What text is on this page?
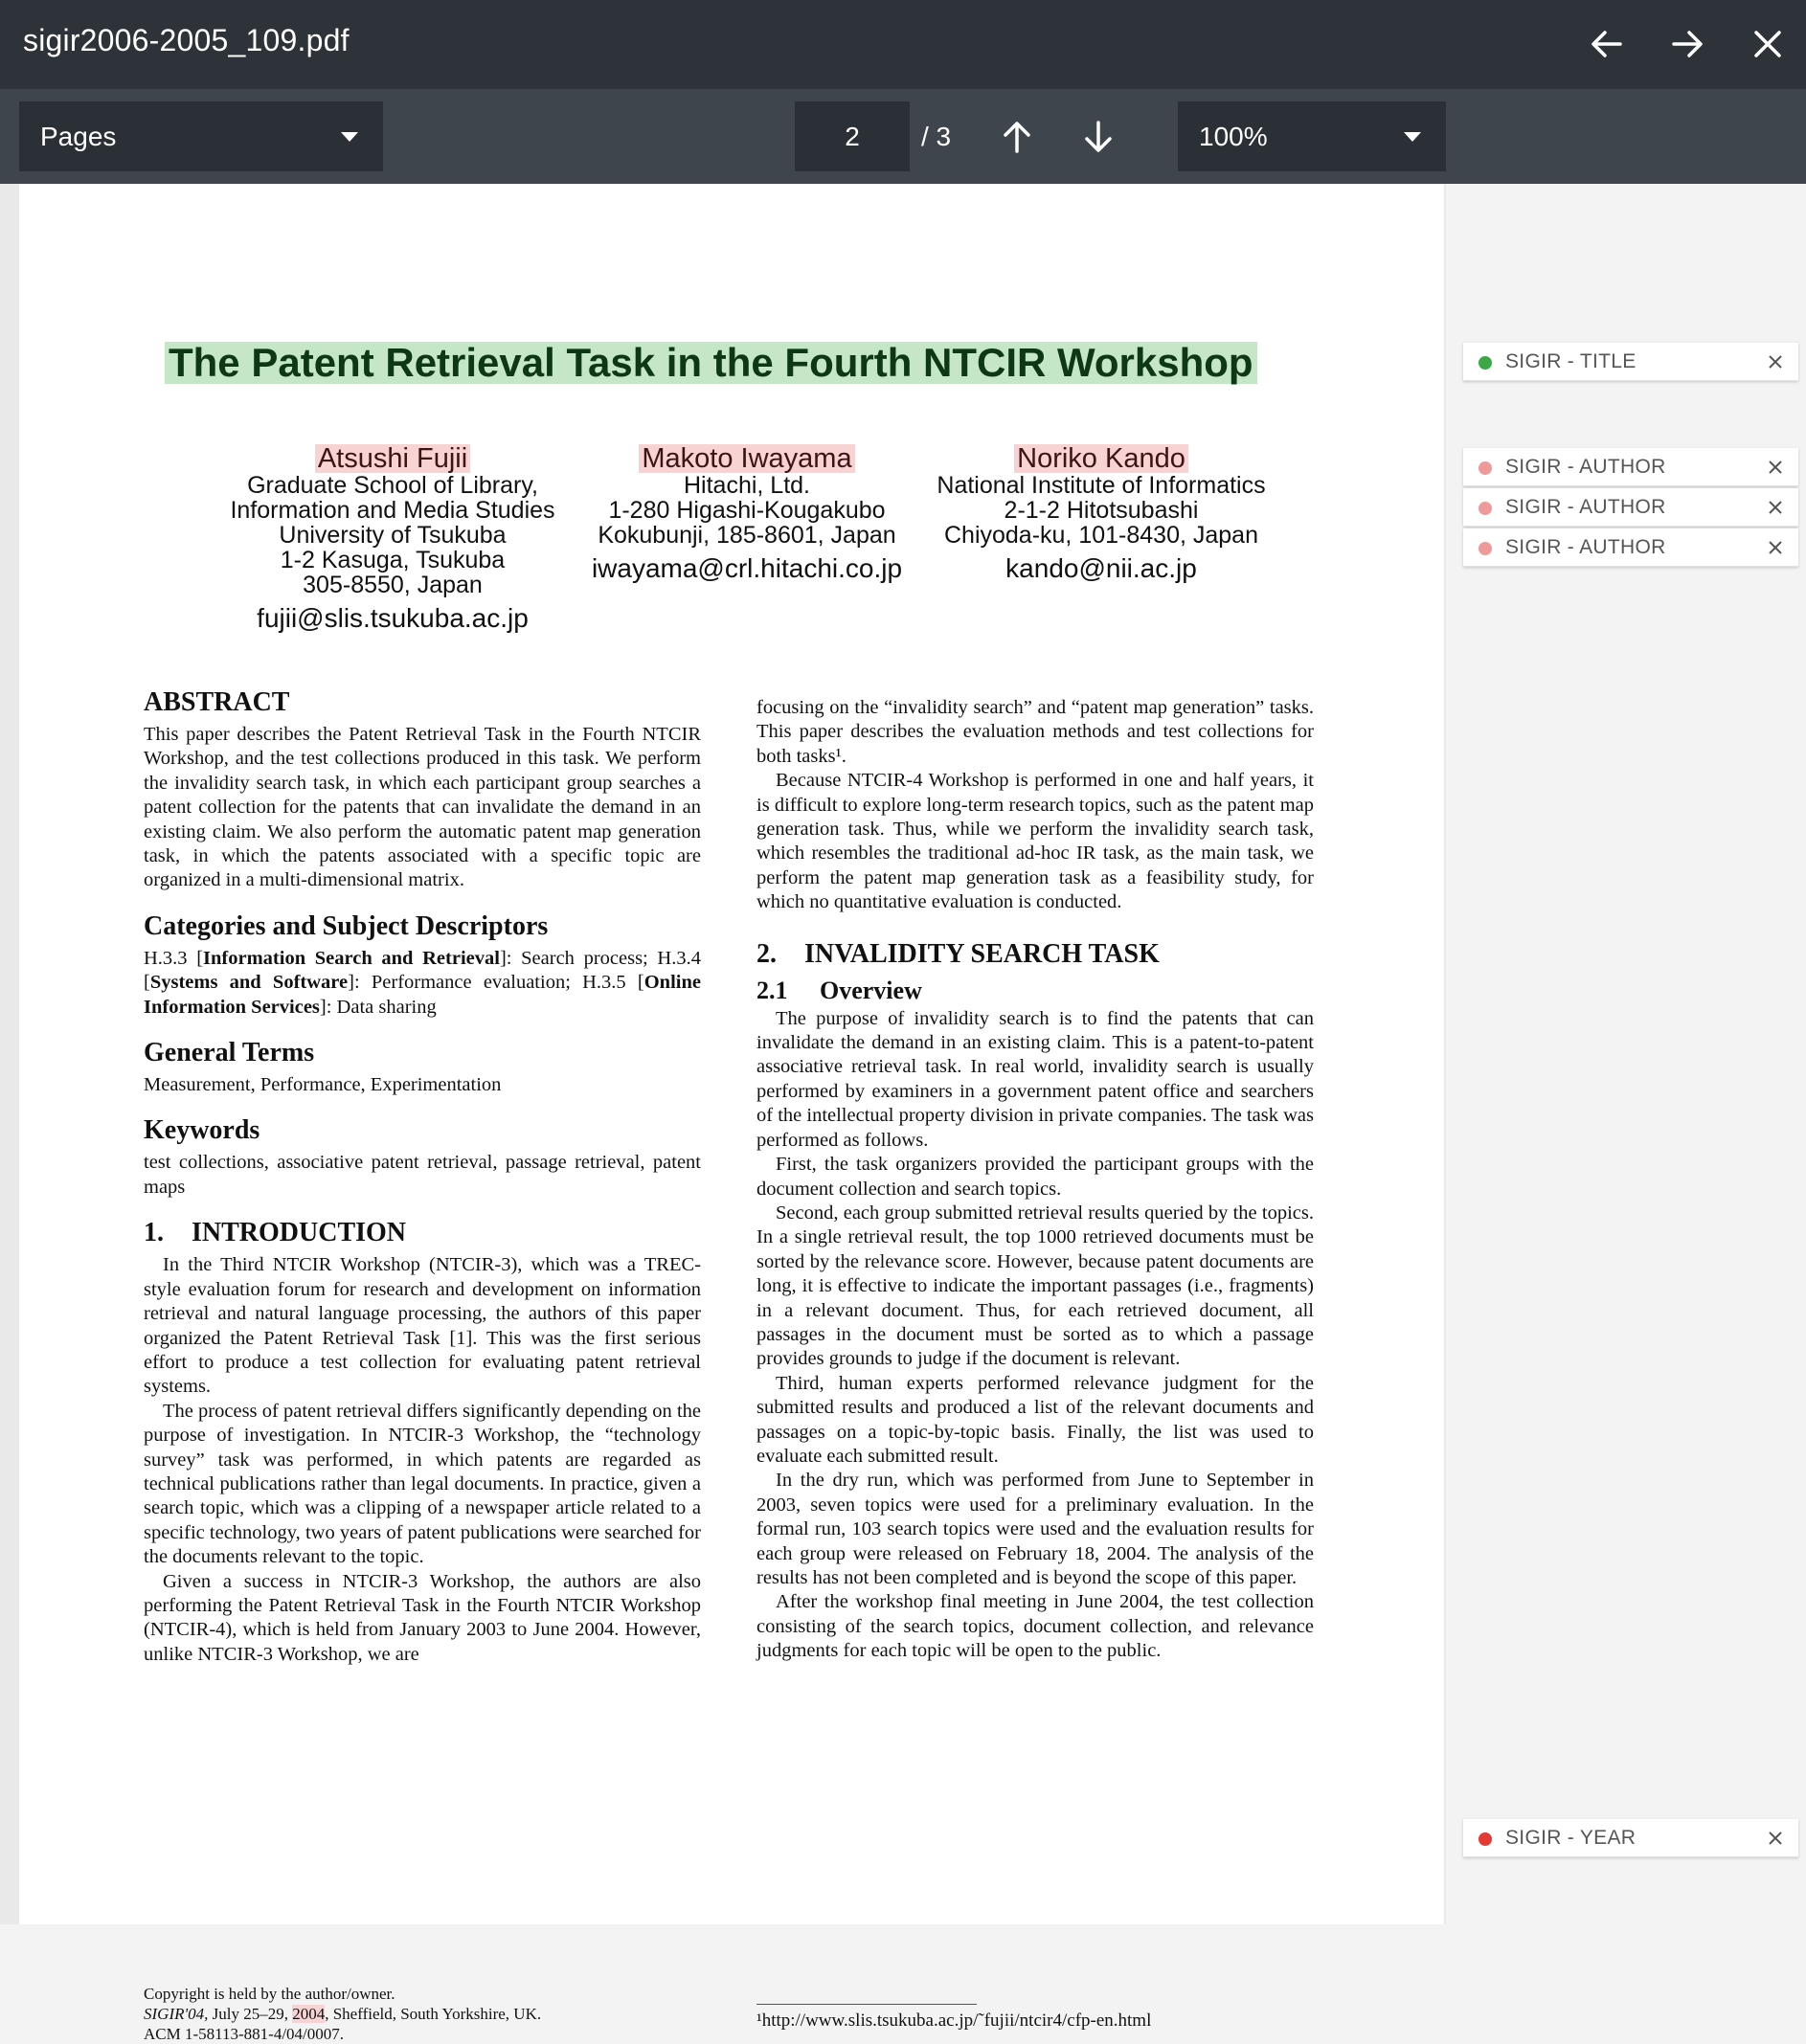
sigir2006-2005_109.pdf
Pages	2	/ 3	100%
The Patent Retrieval Task in the Fourth NTCIR Workshop
Atsushi Fujii
Graduate School of Library,
Information and Media Studies
University of Tsukuba
1-2 Kasuga, Tsukuba
305-8550, Japan
fujii@slis.tsukuba.ac.jp
Makoto Iwayama
Hitachi, Ltd.
1-280 Higashi-Kougakubo
Kokubunji, 185-8601, Japan
iwayama@crl.hitachi.co.jp
Noriko Kando
National Institute of Informatics
2-1-2 Hitotsubashi
Chiyoda-ku, 101-8430, Japan
kando@nii.ac.jp
ABSTRACT

This paper describes the Patent Retrieval Task in the Fourth NTCIR Workshop, and the test collections produced in this task. We perform the invalidity search task, in which each participant group searches a patent collection for the patents that can invalidate the demand in an existing claim. We also perform the automatic patent map generation task, in which the patents associated with a specific topic are organized in a multi-dimensional matrix.

Categories and Subject Descriptors

H.3.3 [Information Search and Retrieval]: Search process; H.3.4 [Systems and Software]: Performance evaluation; H.3.5 [Online Information Services]: Data sharing

General Terms

Measurement, Performance, Experimentation

Keywords

test collections, associative patent retrieval, passage retrieval, patent maps

1. INTRODUCTION

In the Third NTCIR Workshop (NTCIR-3), which was a TREC-style evaluation forum for research and development on information retrieval and natural language processing, the authors of this paper organized the Patent Retrieval Task [1]. This was the first serious effort to produce a test collection for evaluating patent retrieval systems.

The process of patent retrieval differs significantly depending on the purpose of investigation. In NTCIR-3 Workshop, the “technology survey” task was performed, in which patents are regarded as technical publications rather than legal documents. In practice, given a search topic, which was a clipping of a newspaper article related to a specific technology, two years of patent publications were searched for the documents relevant to the topic.

Given a success in NTCIR-3 Workshop, the authors are also performing the Patent Retrieval Task in the Fourth NTCIR Workshop (NTCIR-4), which is held from January 2003 to June 2004. However, unlike NTCIR-3 Workshop, we are

Copyright is held by the author/owner.
SIGIR'04, July 25–29, 2004, Sheffield, South Yorkshire, UK.
ACM 1-58113-881-4/04/0007.

focusing on the “invalidity search” and “patent map generation” tasks. This paper describes the evaluation methods and test collections for both tasks¹.

Because NTCIR-4 Workshop is performed in one and half years, it is difficult to explore long-term research topics, such as the patent map generation task. Thus, while we perform the invalidity search task, which resembles the traditional ad-hoc IR task, as the main task, we perform the patent map generation task as a feasibility study, for which no quantitative evaluation is conducted.

2. INVALIDITY SEARCH TASK
2.1 Overview

The purpose of invalidity search is to find the patents that can invalidate the demand in an existing claim. This is a patent-to-patent associative retrieval task. In real world, invalidity search is usually performed by examiners in a government patent office and searchers of the intellectual property division in private companies. The task was performed as follows.

First, the task organizers provided the participant groups with the document collection and search topics.

Second, each group submitted retrieval results queried by the topics. In a single retrieval result, the top 1000 retrieved documents must be sorted by the relevance score. However, because patent documents are long, it is effective to indicate the important passages (i.e., fragments) in a relevant document. Thus, for each retrieved document, all passages in the document must be sorted as to which a passage provides grounds to judge if the document is relevant.

Third, human experts performed relevance judgment for the submitted results and produced a list of the relevant documents and passages on a topic-by-topic basis. Finally, the list was used to evaluate each submitted result.

In the dry run, which was performed from June to September in 2003, seven topics were used for a preliminary evaluation. In the formal run, 103 search topics were used and the evaluation results for each group were released on February 18, 2004. The analysis of the results has not been completed and is beyond the scope of this paper.

After the workshop final meeting in June 2004, the test collection consisting of the search topics, document collection, and relevance judgments for each topic will be open to the public.

¹http://www.slis.tsukuba.ac.jp/˜fujii/ntcir4/cfp-en.html
SIGIR - TITLE
SIGIR - AUTHOR
SIGIR - AUTHOR
SIGIR - AUTHOR
SIGIR - YEAR
